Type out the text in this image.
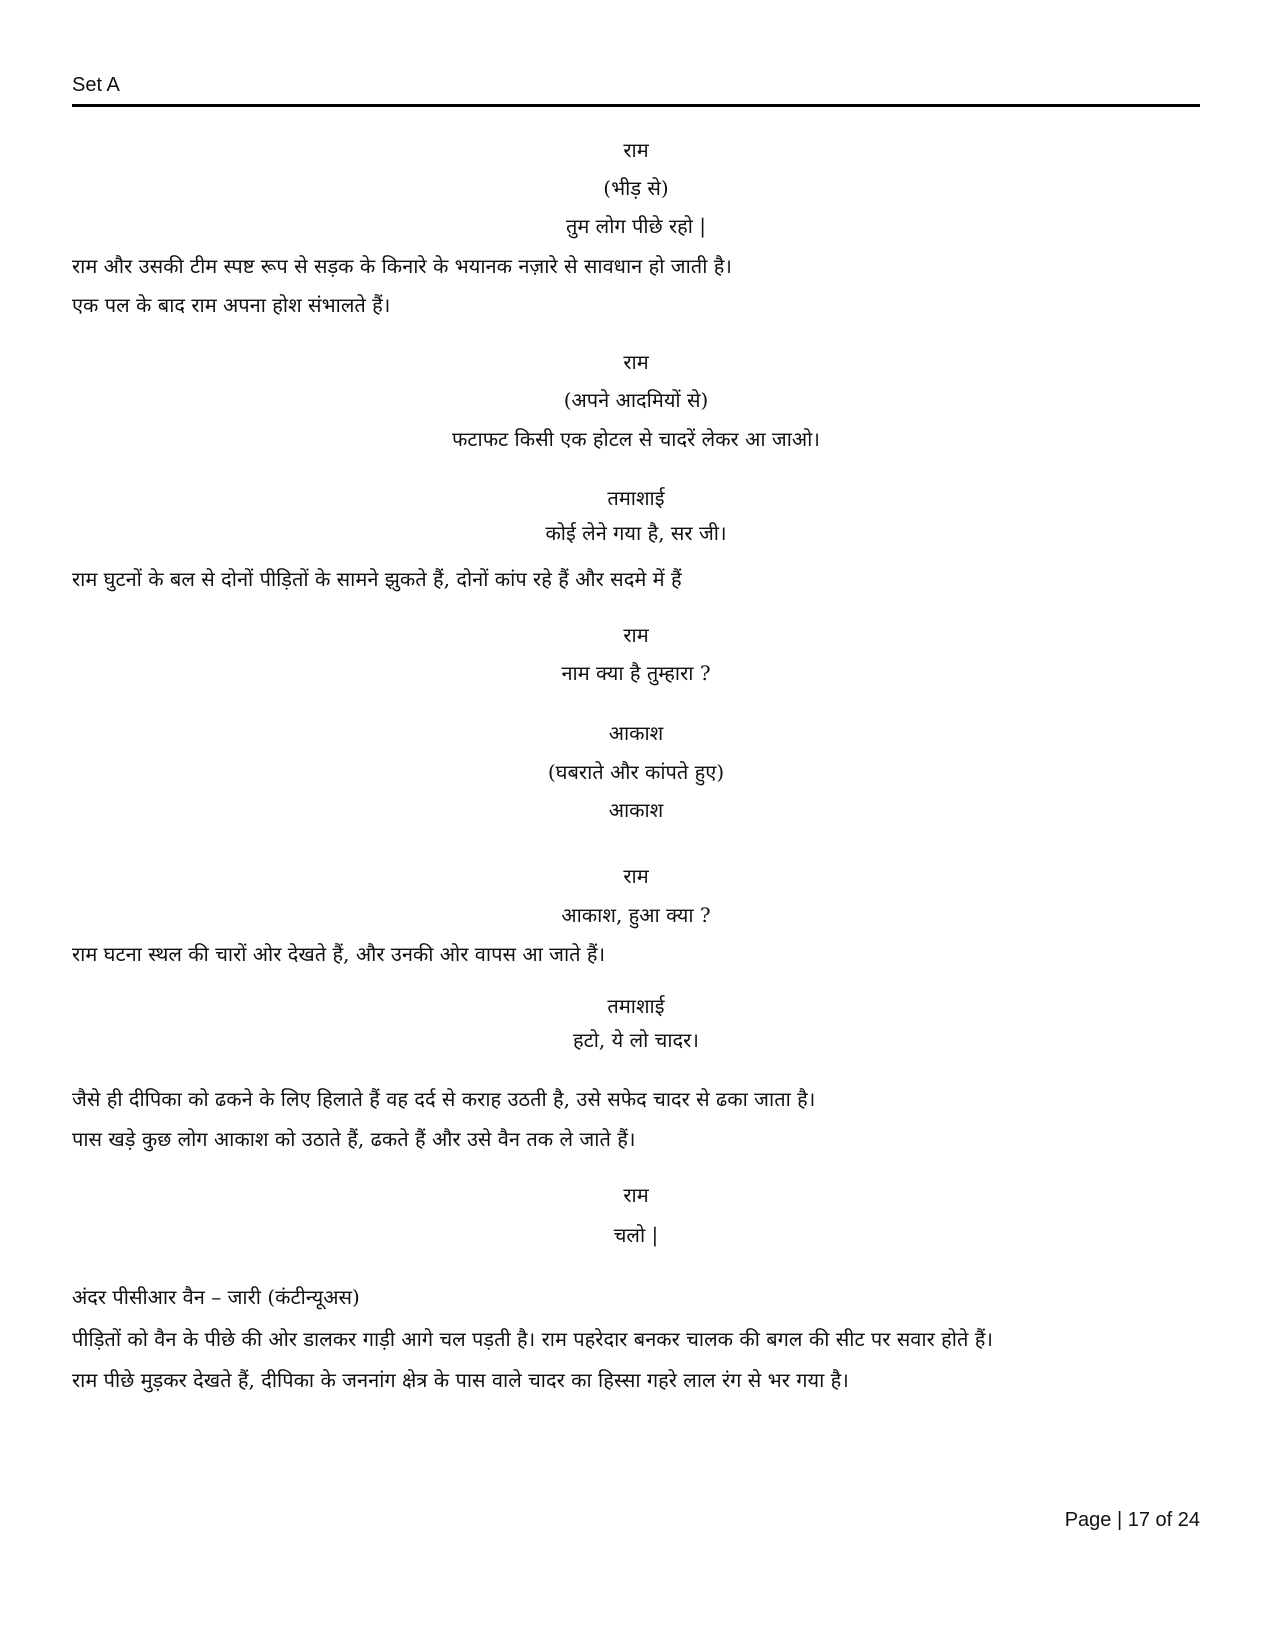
Set A
राम
(भीड़ से)
तुम लोग पीछे रहो |
राम और उसकी टीम स्पष्ट रूप से सड़क के किनारे के भयानक नज़ारे से सावधान हो जाती है।
एक पल के बाद राम अपना होश संभालते हैं।
राम
(अपने आदमियों से)
फटाफट किसी एक होटल से चादरें लेकर आ जाओ।
तमाशाई
कोई लेने गया है, सर जी।
राम घुटनों के बल से दोनों पीड़ितों के सामने झुकते हैं, दोनों कांप रहे हैं और सदमे में हैं
राम
नाम क्या है तुम्हारा ?
आकाश
(घबराते और कांपते हुए)
आकाश
राम
आकाश, हुआ क्या ?
राम घटना स्थल की चारों ओर देखते हैं, और उनकी ओर वापस आ जाते हैं।
तमाशाई
हटो, ये लो चादर।
जैसे ही दीपिका को ढकने के लिए हिलाते हैं वह दर्द से कराह उठती है, उसे सफेद चादर से ढका जाता है।
पास खड़े कुछ लोग आकाश को उठाते हैं, ढकते हैं और उसे वैन तक ले जाते हैं।
राम
चलो |
अंदर पीसीआर वैन – जारी (कंटीन्यूअस)
पीड़ितों को वैन के पीछे की ओर डालकर गाड़ी आगे चल पड़ती है। राम पहरेदार बनकर चालक की बगल की सीट पर सवार होते हैं।
राम पीछे मुड़कर देखते हैं, दीपिका के जननांग क्षेत्र के पास वाले चादर का हिस्सा गहरे लाल रंग से भर गया है।
Page | 17 of 24
